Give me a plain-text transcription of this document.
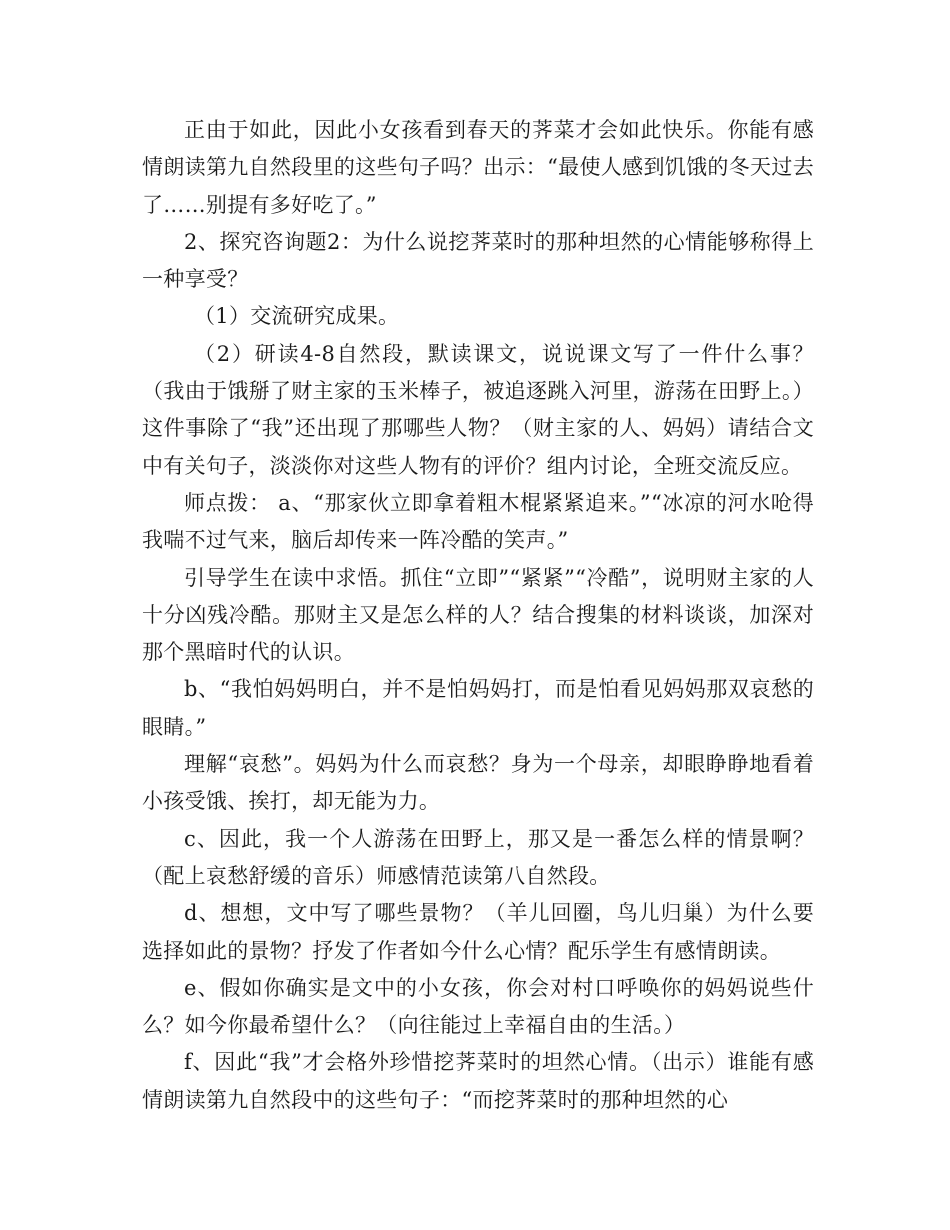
正由于如此，因此小女孩看到春天的荠菜才会如此快乐。你能有感情朗读第九自然段里的这些句子吗？出示：“最使人感到饥饿的冬天过去了……别提有多好吃了。”

2、探究咨询题2：为什么说挖荠菜时的那种坦然的心情能够称得上一种享受？

（1）交流研究成果。

（2）研读4-8自然段，默读课文，说说课文写了一件什么事？（我由于饿掰了财主家的玉米棒子，被追逐跳入河里，游荡在田野上。）这件事除了“我”还出现了那哪些人物？（财主家的人、妈妈）请结合文中有关句子，淡淡你对这些人物有的评价？组内讨论，全班交流反应。

师点拨： a、“那家伙立即拿着粗木棍紧紧追来。”“冰凉的河水呛得我喘不过气来，脑后却传来一阵冷酷的笑声。”

引导学生在读中求悟。抓住“立即”“紧紧”“冷酷”，说明财主家的人十分凶残冷酷。那财主又是怎么样的人？结合搜集的材料谈谈，加深对那个黑暗时代的认识。

b、“我怕妈妈明白，并不是怕妈妈打，而是怕看见妈妈那双哀愁的眼睛。”

理解“哀愁”。妈妈为什么而哀愁？身为一个母亲，却眼睁睁地看着小孩受饿、挨打，却无能为力。

c、因此，我一个人游荡在田野上，那又是一番怎么样的情景啊？（配上哀愁舒缓的音乐）师感情范读第八自然段。

d、想想，文中写了哪些景物？（羊儿回圈，鸟儿归巢）为什么要选择如此的景物？抒发了作者如今什么心情？配乐学生有感情朗读。

e、假如你确实是文中的小女孩，你会对村口呼唤你的妈妈说些什么？如今你最希望什么？（向往能过上幸福自由的生活。）

f、因此“我”才会格外珍惜挖荠菜时的坦然心情。（出示）谁能有感情朗读第九自然段中的这些句子：“而挖荠菜时的那种坦然的心
